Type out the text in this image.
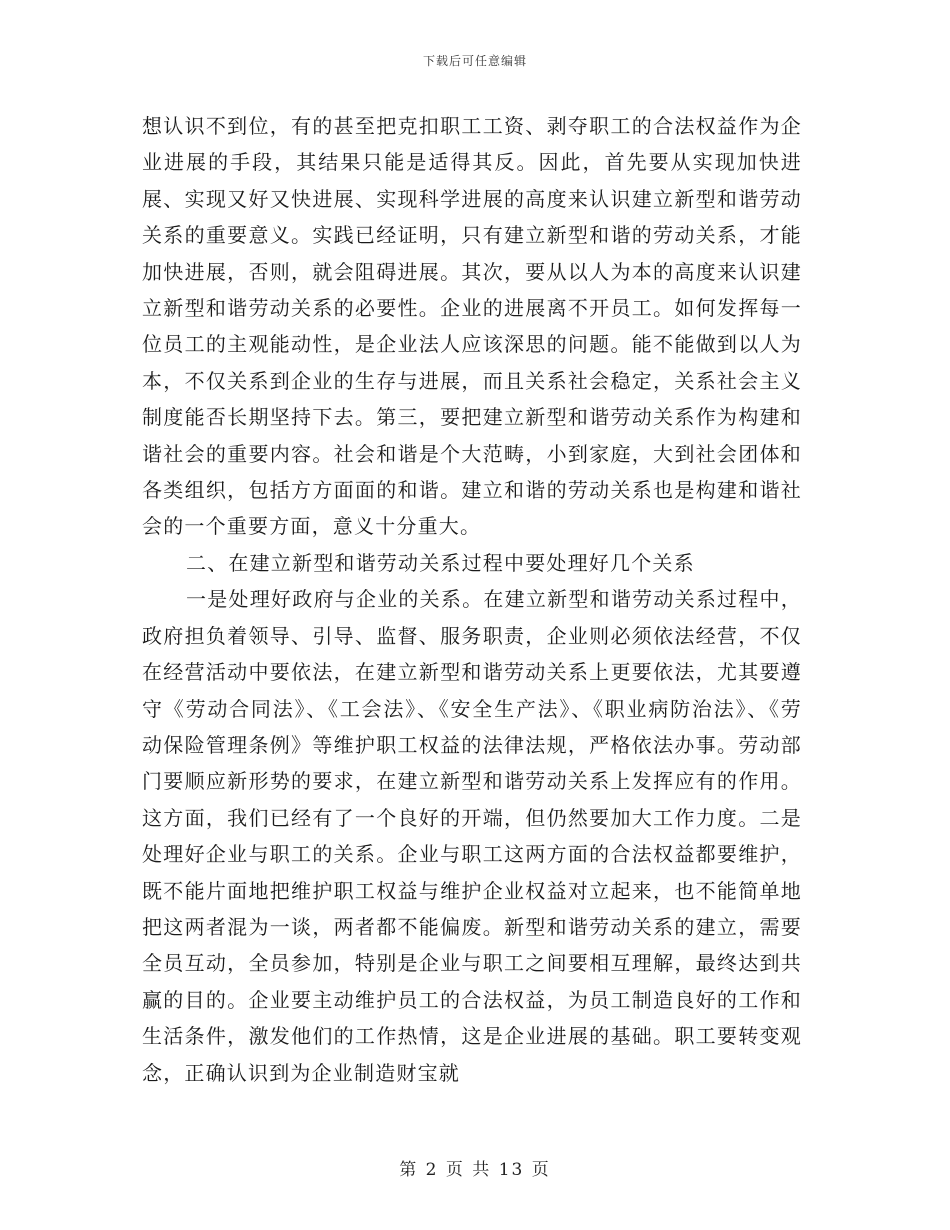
下载后可任意编辑

想认识不到位，有的甚至把克扣职工工资、剥夺职工的合法权益作为企业进展的手段，其结果只能是适得其反。因此，首先要从实现加快进展、实现又好又快进展、实现科学进展的高度来认识建立新型和谐劳动关系的重要意义。实践已经证明，只有建立新型和谐的劳动关系，才能加快进展，否则，就会阻碍进展。其次，要从以人为本的高度来认识建立新型和谐劳动关系的必要性。企业的进展离不开员工。如何发挥每一位员工的主观能动性，是企业法人应该深思的问题。能不能做到以人为本，不仅关系到企业的生存与进展，而且关系社会稳定，关系社会主义制度能否长期坚持下去。第三，要把建立新型和谐劳动关系作为构建和谐社会的重要内容。社会和谐是个大范畴，小到家庭，大到社会团体和各类组织，包括方方面面的和谐。建立和谐的劳动关系也是构建和谐社会的一个重要方面，意义十分重大。

二、在建立新型和谐劳动关系过程中要处理好几个关系

一是处理好政府与企业的关系。在建立新型和谐劳动关系过程中，政府担负着领导、引导、监督、服务职责，企业则必须依法经营，不仅在经营活动中要依法，在建立新型和谐劳动关系上更要依法，尤其要遵守《劳动合同法》、《工会法》、《安全生产法》、《职业病防治法》、《劳动保险管理条例》等维护职工权益的法律法规，严格依法办事。劳动部门要顺应新形势的要求，在建立新型和谐劳动关系上发挥应有的作用。这方面，我们已经有了一个良好的开端，但仍然要加大工作力度。二是处理好企业与职工的关系。企业与职工这两方面的合法权益都要维护，既不能片面地把维护职工权益与维护企业权益对立起来，也不能简单地把这两者混为一谈，两者都不能偏废。新型和谐劳动关系的建立，需要全员互动，全员参加，特别是企业与职工之间要相互理解，最终达到共赢的目的。企业要主动维护员工的合法权益，为员工制造良好的工作和生活条件，激发他们的工作热情，这是企业进展的基础。职工要转变观念，正确认识到为企业制造财宝就

第 2 页 共 13 页
